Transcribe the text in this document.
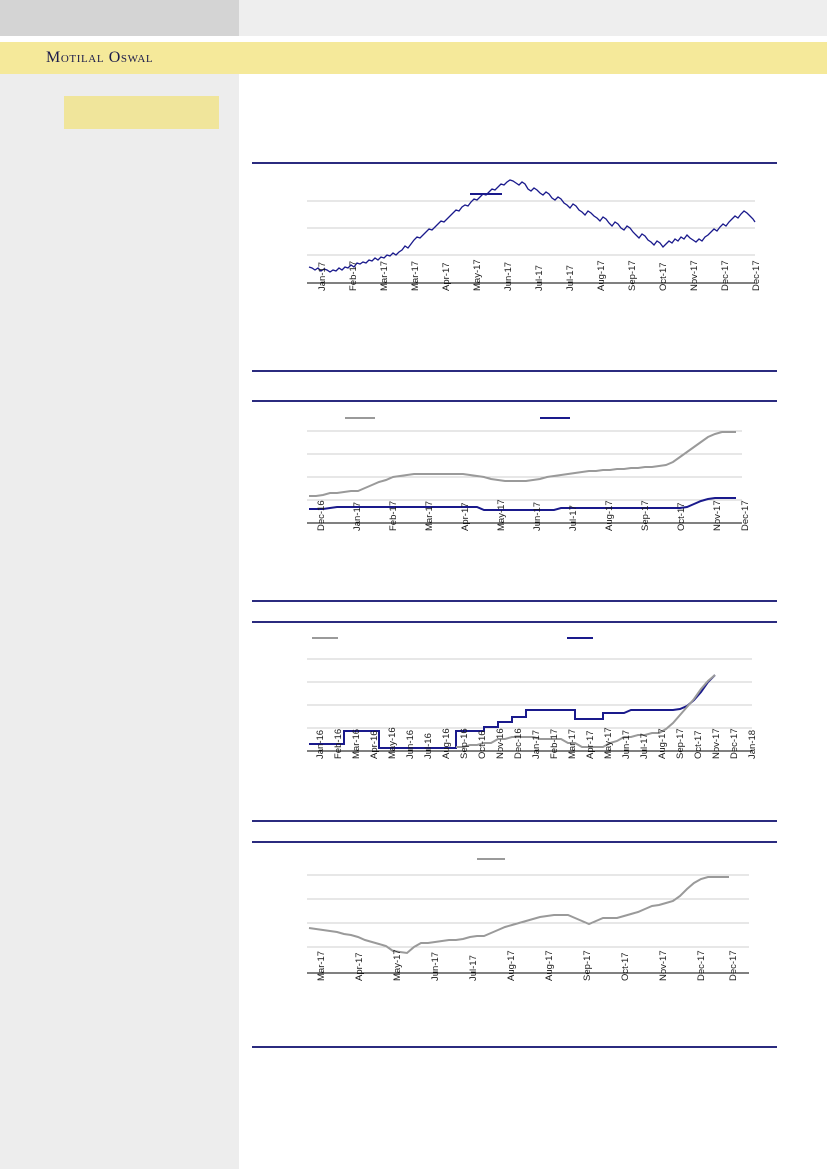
Motilal Oswal
Jan-17 Feb-17 Mar-17 Mar-17 Apr-17 May-17 Jun-17 Jul-17 Jul-17 Aug-17 Sep-17 Oct-17 Nov-17 Dec-17 Dec-17
Dec-16	Jan-17	Feb-17	Mar-17	Apr-17	May-17	Jun-17	Jul-17	Aug-17	Sep-17	Oct-17	Nov-17 Dec-17
Jan-16 Feb-16 Mar-16 Apr-16 May-16 Jun-16 Jul-16 Aug-16 Sep-16 Oct-16 Nov-16 Dec-16 Jan-17 Feb-17 Mar-17 Apr-17 May-17 Jun-17 Jul-17 Aug-17 Sep-17 Oct-17 Nov-17 Dec-17 Jan-18
Mar-17	Apr-17	May-17	Jun-17	Jul-17	Aug-17	Aug-17	Sep-17	Oct-17	Nov-17	Dec-17 Dec-17
